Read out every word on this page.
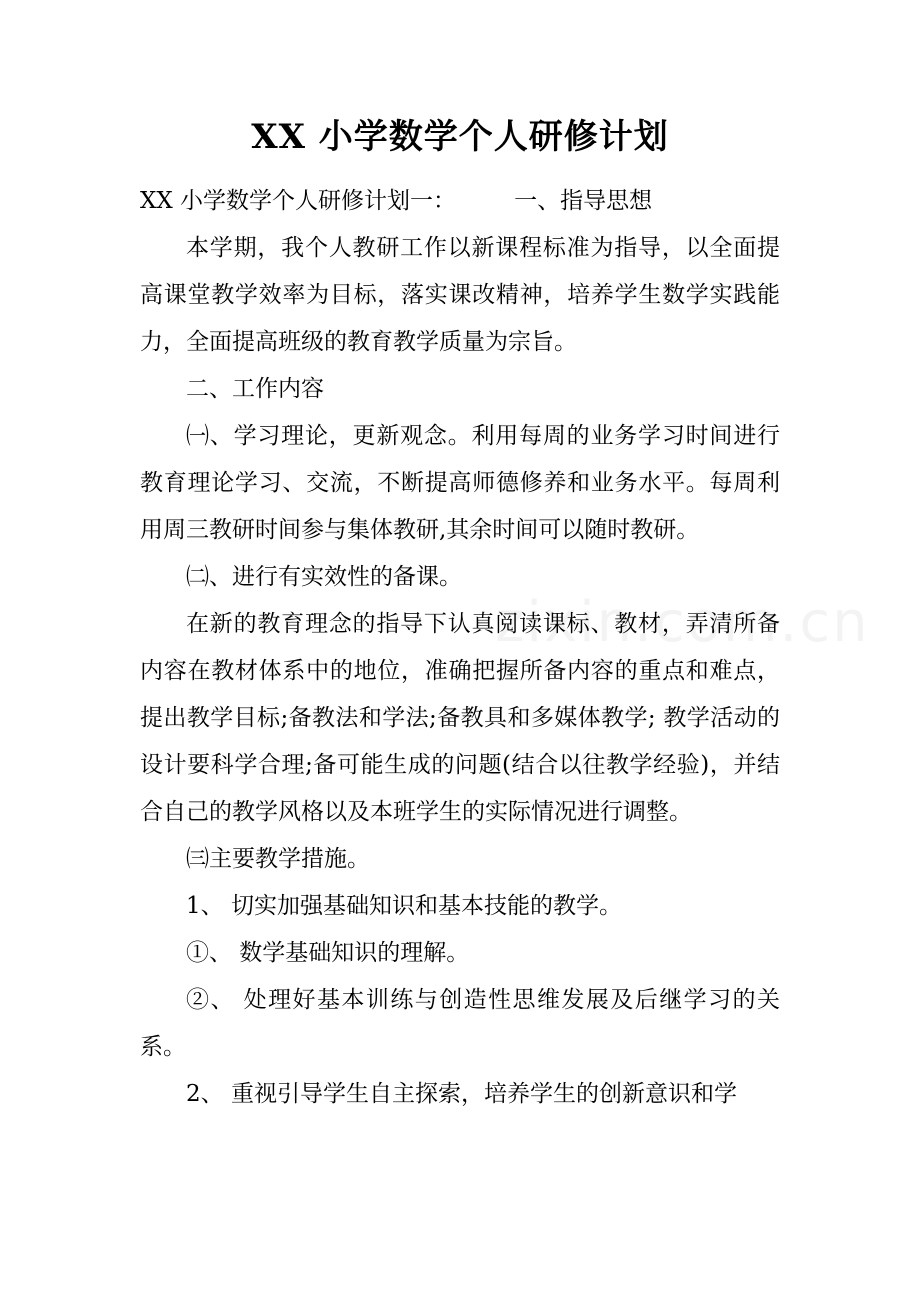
XX 小学数学个人研修计划

XX 小学数学个人研修计划一：	一、指导思想

本学期，我个人教研工作以新课程标准为指导，以全面提高课堂教学效率为目标，落实课改精神，培养学生数学实践能力，全面提高班级的教育教学质量为宗旨。

二、工作内容

㈠、学习理论，更新观念。利用每周的业务学习时间进行教育理论学习、交流，不断提高师德修养和业务水平。每周利用周三教研时间参与集体教研,其余时间可以随时教研。

㈡、进行有实效性的备课。

在新的教育理念的指导下认真阅读课标、教材，弄清所备内容在教材体系中的地位，准确把握所备内容的重点和难点， 提出教学目标;备教法和学法;备教具和多媒体教学; 教学活动的设计要科学合理;备可能生成的问题(结合以往教学经验)，并结合自己的教学风格以及本班学生的实际情况进行调整。

㈢主要教学措施。

1、 切实加强基础知识和基本技能的教学。

①、 数学基础知识的理解。

②、 处理好基本训练与创造性思维发展及后继学习的关系。

2、 重视引导学生自主探索，培养学生的创新意识和学
